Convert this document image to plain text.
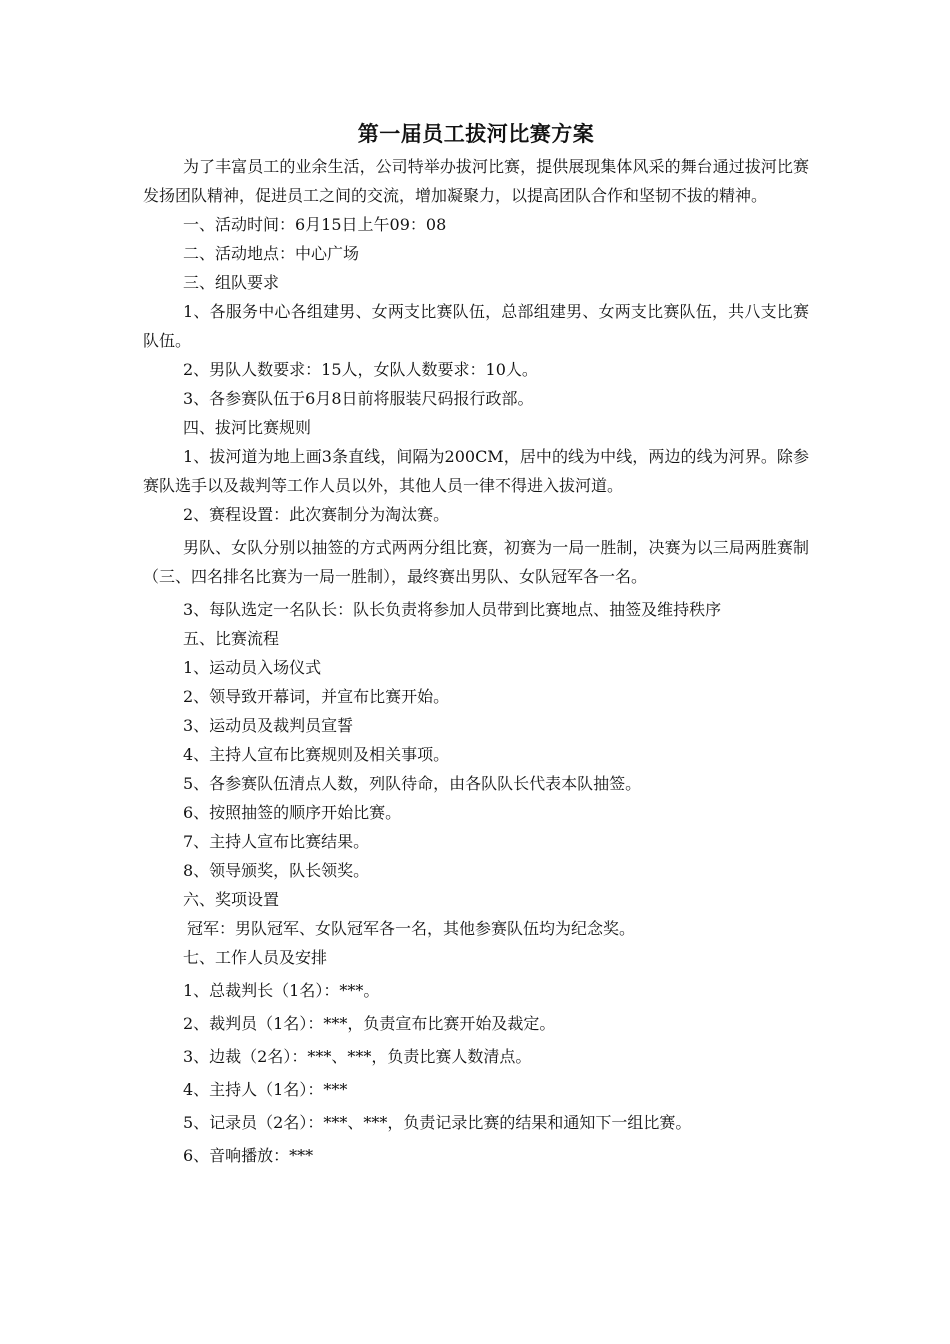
第一届员工拔河比赛方案

为了丰富员工的业余生活，公司特举办拔河比赛，提供展现集体风采的舞台通过拔河比赛发扬团队精神，促进员工之间的交流，增加凝聚力，以提高团队合作和坚韧不拔的精神。

一、活动时间：6月15日上午09：08

二、活动地点：中心广场

三、组队要求

1、各服务中心各组建男、女两支比赛队伍，总部组建男、女两支比赛队伍，共八支比赛队伍。

2、男队人数要求：15人，女队人数要求：10人。

3、各参赛队伍于6月8日前将服装尺码报行政部。

四、拔河比赛规则

1、拔河道为地上画3条直线，间隔为200CM，居中的线为中线，两边的线为河界。除参赛队选手以及裁判等工作人员以外，其他人员一律不得进入拔河道。

2、赛程设置：此次赛制分为淘汰赛。

男队、女队分别以抽签的方式两两分组比赛，初赛为一局一胜制，决赛为以三局两胜赛制（三、四名排名比赛为一局一胜制），最终赛出男队、女队冠军各一名。

3、每队选定一名队长：队长负责将参加人员带到比赛地点、抽签及维持秩序

五、比赛流程

1、运动员入场仪式

2、领导致开幕词，并宣布比赛开始。

3、运动员及裁判员宣誓

4、主持人宣布比赛规则及相关事项。

5、各参赛队伍清点人数，列队待命，由各队队长代表本队抽签。

6、按照抽签的顺序开始比赛。

7、主持人宣布比赛结果。

8、领导颁奖，队长领奖。

六、奖项设置

冠军：男队冠军、女队冠军各一名，其他参赛队伍均为纪念奖。

七、工作人员及安排

1、总裁判长（1名）：***。

2、裁判员（1名）：***，负责宣布比赛开始及裁定。

3、边裁（2名）：***、***，负责比赛人数清点。

4、主持人（1名）：***

5、记录员（2名）：***、***，负责记录比赛的结果和通知下一组比赛。

6、音响播放：***
